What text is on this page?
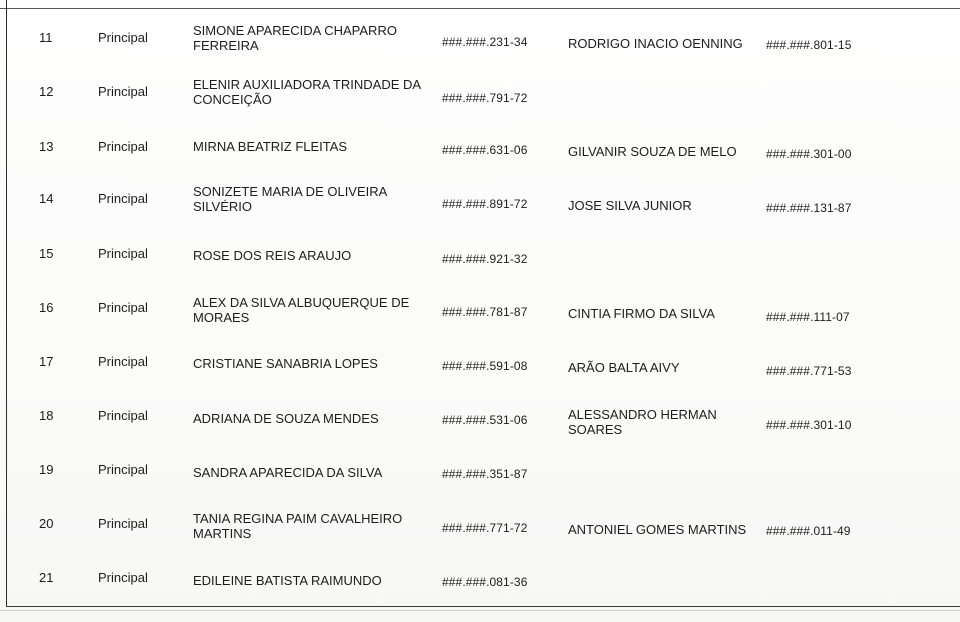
11	Principal	SIMONE APARECIDA CHAPARRO FERREIRA	###.###.231-34	RODRIGO INACIO OENNING	###.###.801-15
12	Principal	ELENIR AUXILIADORA TRINDADE DA CONCEIÇÃO	###.###.791-72
13	Principal	MIRNA BEATRIZ FLEITAS	###.###.631-06	GILVANIR SOUZA DE MELO	###.###.301-00
14	Principal	SONIZETE MARIA DE OLIVEIRA SILVÉRIO	###.###.891-72	JOSE SILVA JUNIOR	###.###.131-87
15	Principal	ROSE DOS REIS ARAUJO	###.###.921-32
16	Principal	ALEX DA SILVA ALBUQUERQUE DE MORAES	###.###.781-87	CINTIA FIRMO DA SILVA	###.###.111-07
17	Principal	CRISTIANE SANABRIA LOPES	###.###.591-08	ARÃO BALTA AIVY	###.###.771-53
18	Principal	ADRIANA DE SOUZA MENDES	###.###.531-06	ALESSANDRO HERMAN SOARES	###.###.301-10
19	Principal	SANDRA APARECIDA DA SILVA	###.###.351-87
20	Principal	TANIA REGINA PAIM CAVALHEIRO MARTINS	###.###.771-72	ANTONIEL GOMES MARTINS	###.###.011-49
21	Principal	EDILEINE BATISTA RAIMUNDO	###.###.081-36
